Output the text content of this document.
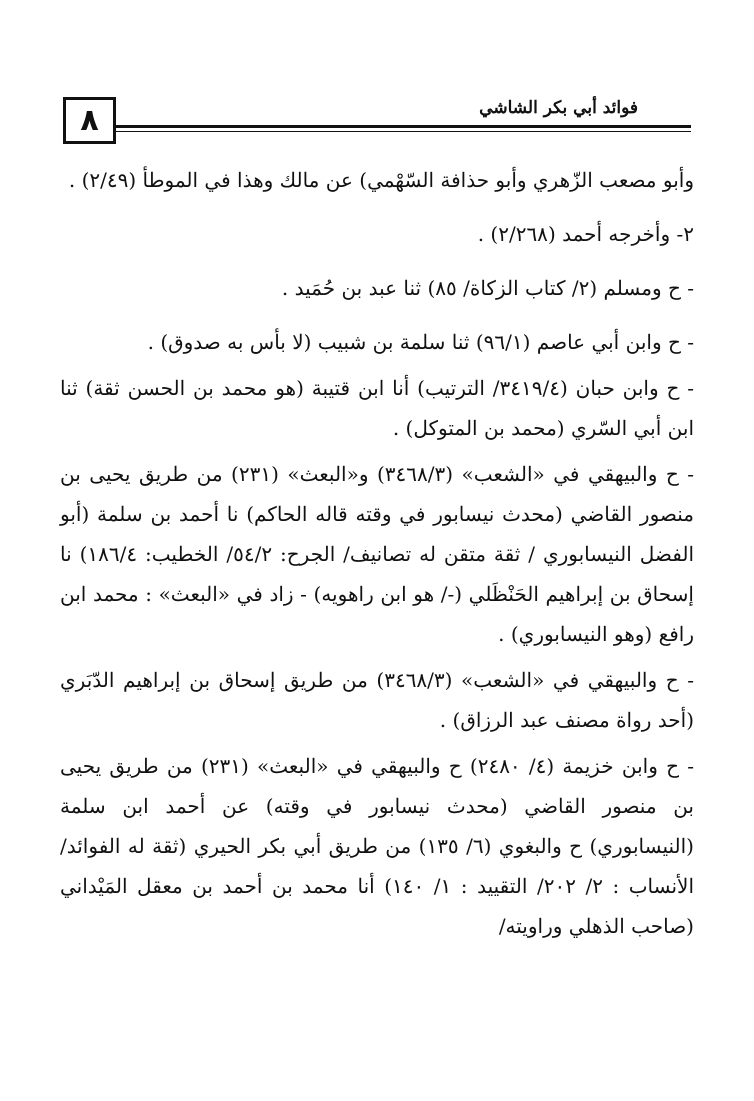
فوائد أبي بكر الشاشي
٨

وأبو مصعب الزّهري وأبو حذافة السّهْمي) عن مالك وهذا في الموطأ (٢/٤٩) .

٢- وأخرجه أحمد (٢/٢٦٨) .

- ح ومسلم (٢/ كتاب الزكاة/ ٨٥) ثنا عبد بن حُمَيد .

- ح وابن أبي عاصم (٩٦/١) ثنا سلمة بن شبيب (لا بأس به صدوق) .

- ح وابن حبان (٣٤١٩/٤/ الترتيب) أنا ابن قتيبة (هو محمد بن الحسن ثقة) ثنا ابن أبي السّري (محمد بن المتوكل) .

- ح والبيهقي في «الشعب» (٣٤٦٨/٣) و«البعث» (٢٣١) من طريق يحيى بن منصور القاضي (محدث نيسابور في وقته قاله الحاكم) نا أحمد بن سلمة (أبو الفضل النيسابوري / ثقة متقن له تصانيف/ الجرح: ٥٤/٢/ الخطيب: ١٨٦/٤) نا إسحاق بن إبراهيم الحَنْظَلي (-/ هو ابن راهويه) - زاد في «البعث» : محمد ابن رافع (وهو النيسابوري) .

- ح والبيهقي في «الشعب» (٣٤٦٨/٣) من طريق إسحاق بن إبراهيم الدّبَري (أحد رواة مصنف عبد الرزاق) .

- ح وابن خزيمة (٤/ ٢٤٨٠) ح والبيهقي في «البعث» (٢٣١) من طريق يحيى بن منصور القاضي (محدث نيسابور في وقته) عن أحمد ابن سلمة (النيسابوري) ح والبغوي (٦/ ١٣٥) من طريق أبي بكر الحيري (ثقة له الفوائد/ الأنساب : ٢/ ٢٠٢/ التقييد : ١/ ١٤٠) أنا محمد بن أحمد بن معقل المَيْداني (صاحب الذهلي وراويته/
